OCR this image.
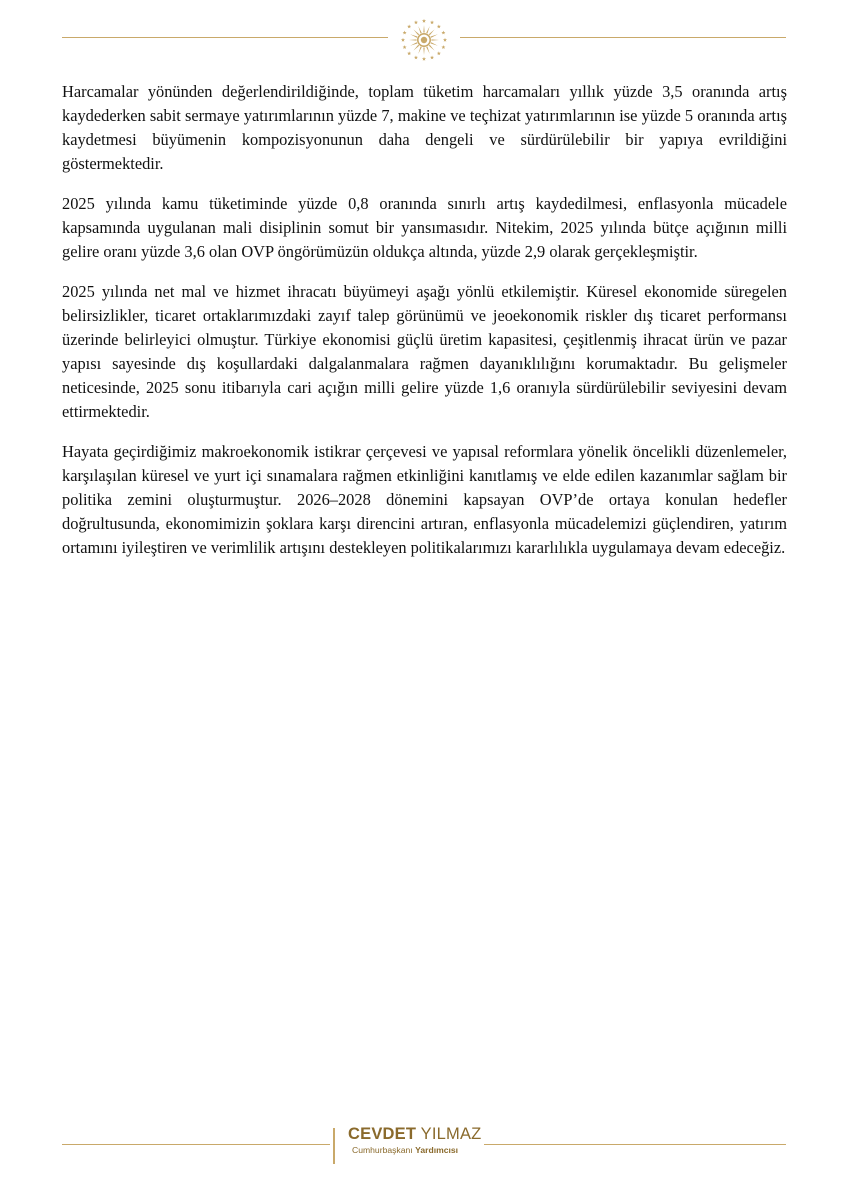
Harcamalar yönünden değerlendirildiğinde, toplam tüketim harcamaları yıllık yüzde 3,5 oranında artış kaydederken sabit sermaye yatırımlarının yüzde 7, makine ve teçhizat yatırımlarının ise yüzde 5 oranında artış kaydetmesi büyümenin kompozisyonunun daha dengeli ve sürdürülebilir bir yapıya evrildiğini göstermektedir.

2025 yılında kamu tüketiminde yüzde 0,8 oranında sınırlı artış kaydedilmesi, enflasyonla mücadele kapsamında uygulanan mali disiplinin somut bir yansımasıdır. Nitekim, 2025 yılında bütçe açığının milli gelire oranı yüzde 3,6 olan OVP öngörümüzün oldukça altında, yüzde 2,9 olarak gerçekleşmiştir.

2025 yılında net mal ve hizmet ihracatı büyümeyi aşağı yönlü etkilemiştir. Küresel ekonomide süregelen belirsizlikler, ticaret ortaklarımızdaki zayıf talep görünümü ve jeoekonomik riskler dış ticaret performansı üzerinde belirleyici olmuştur. Türkiye ekonomisi güçlü üretim kapasitesi, çeşitlenmiş ihracat ürün ve pazar yapısı sayesinde dış koşullardaki dalgalanmalara rağmen dayanıklılığını korumaktadır. Bu gelişmeler neticesinde, 2025 sonu itibarıyla cari açığın milli gelire yüzde 1,6 oranıyla sürdürülebilir seviyesini devam ettirmektedir.

Hayata geçirdiğimiz makroekonomik istikrar çerçevesi ve yapısal reformlara yönelik öncelikli düzenlemeler, karşılaşılan küresel ve yurt içi sınamalara rağmen etkinliğini kanıtlamış ve elde edilen kazanımlar sağlam bir politika zemini oluşturmuştur. 2026–2028 dönemini kapsayan OVP’de ortaya konulan hedefler doğrultusunda, ekonomimizin şoklara karşı direncini artıran, enflasyonla mücadelemizi güçlendiren, yatırım ortamını iyileştiren ve verimlilik artışını destekleyen politikalarımızı kararlılıkla uygulamaya devam edeceğiz.

CEVDET YILMAZ
Cumhurbaşkanı Yardımcısı
